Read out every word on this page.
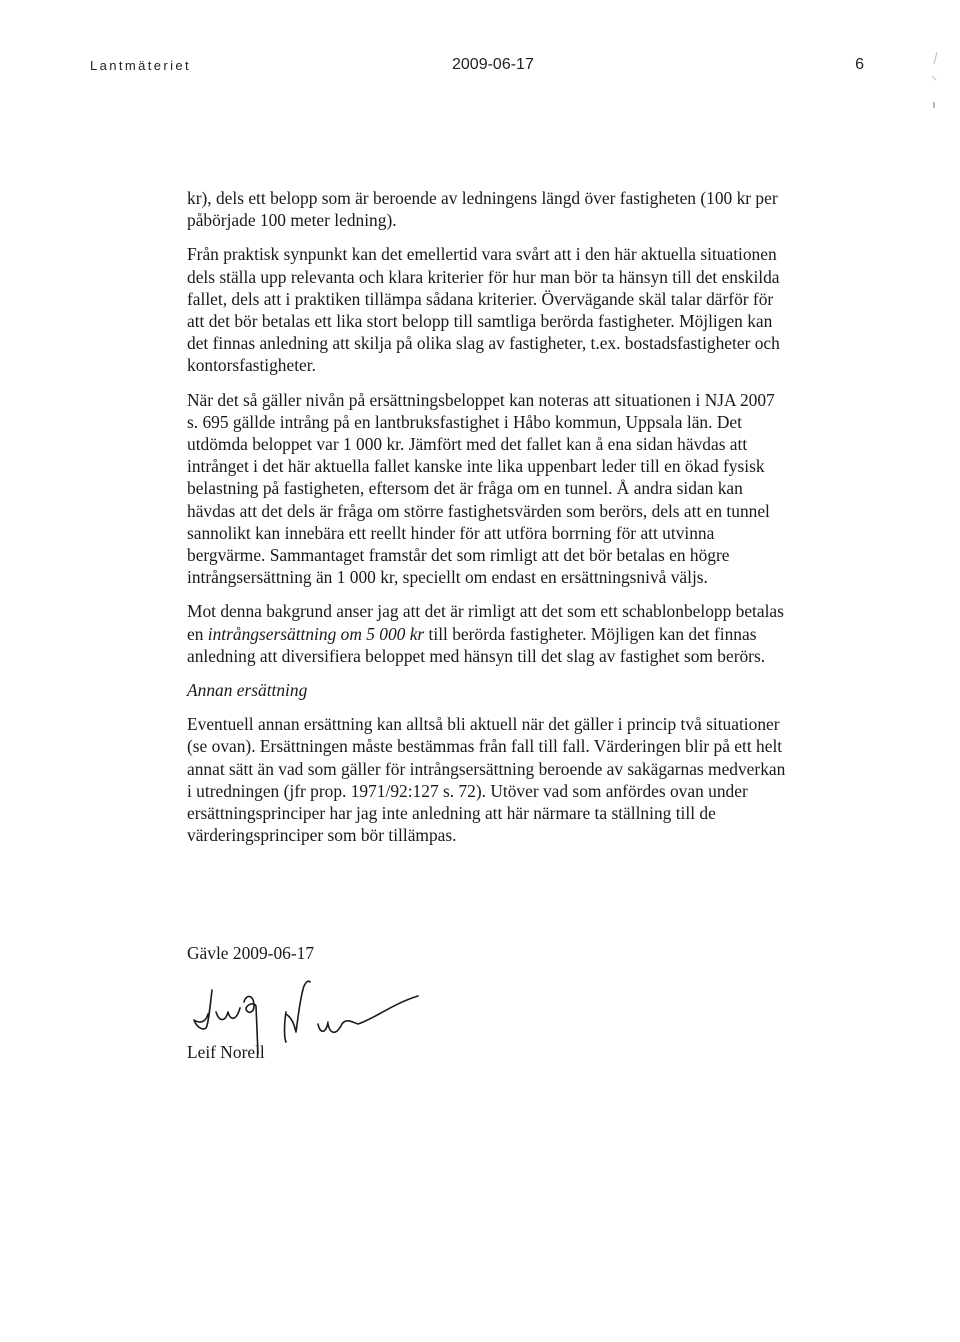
Lantmäteriet	2009-06-17	6

kr), dels ett belopp som är beroende av ledningens längd över fastigheten (100 kr per påbörjade 100 meter ledning).

Från praktisk synpunkt kan det emellertid vara svårt att i den här aktuella situationen dels ställa upp relevanta och klara kriterier för hur man bör ta hänsyn till det enskilda fallet, dels att i praktiken tillämpa sådana kriterier. Övervägande skäl talar därför för att det bör betalas ett lika stort belopp till samtliga berörda fastigheter. Möjligen kan det finnas anledning att skilja på olika slag av fastigheter, t.ex. bostadsfastigheter och kontorsfastigheter.

När det så gäller nivån på ersättningsbeloppet kan noteras att situationen i NJA 2007 s. 695 gällde intrång på en lantbruksfastighet i Håbo kommun, Uppsala län. Det utdömda beloppet var 1 000 kr. Jämfört med det fallet kan å ena sidan hävdas att intrånget i det här aktuella fallet kanske inte lika uppenbart leder till en ökad fysisk belastning på fastigheten, eftersom det är fråga om en tunnel. Å andra sidan kan hävdas att det dels är fråga om större fastighetsvärden som berörs, dels att en tunnel sannolikt kan innebära ett reellt hinder för att utföra borrning för att utvinna bergvärme. Sammantaget framstår det som rimligt att det bör betalas en högre intrångsersättning än 1 000 kr, speciellt om endast en ersättningsnivå väljs.

Mot denna bakgrund anser jag att det är rimligt att det som ett schablonbelopp betalas en intrångsersättning om 5 000 kr till berörda fastigheter. Möjligen kan det finnas anledning att diversifiera beloppet med hänsyn till det slag av fastighet som berörs.

Annan ersättning

Eventuell annan ersättning kan alltså bli aktuell när det gäller i princip två situationer (se ovan). Ersättningen måste bestämmas från fall till fall. Värderingen blir på ett helt annat sätt än vad som gäller för intrångsersättning beroende av sakägarnas medverkan i utredningen (jfr prop. 1971/92:127 s. 72). Utöver vad som anfördes ovan under ersättningsprinciper har jag inte anledning att här närmare ta ställning till de värderingsprinciper som bör tillämpas.

Gävle 2009-06-17
Leif Norell
